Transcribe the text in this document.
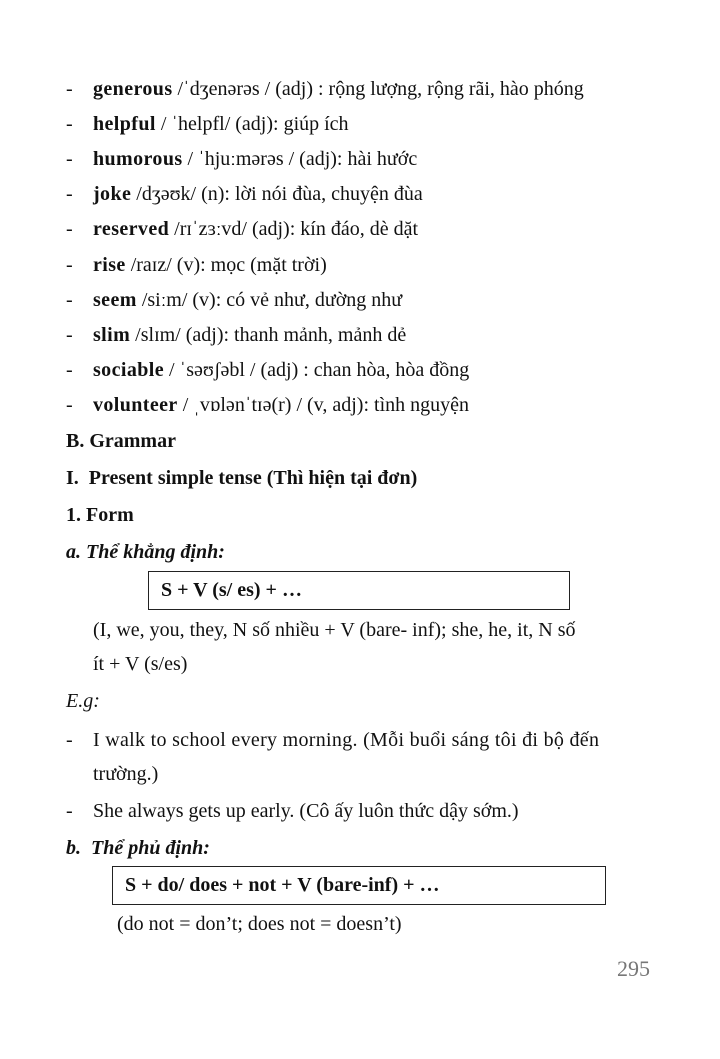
- generous /ˈdʒenərəs / (adj) : rộng lượng, rộng rãi, hào phóng
- helpful / ˈhelpfl/ (adj): giúp ích
- humorous / ˈhjuːmərəs / (adj): hài hước
- joke /dʒəʊk/ (n): lời nói đùa, chuyện đùa
- reserved /rɪˈzɜːvd/ (adj): kín đáo, dè dặt
- rise /raɪz/ (v): mọc (mặt trời)
- seem /siːm/ (v): có vẻ như, dường như
- slim /slɪm/ (adj): thanh mảnh, mảnh dẻ
- sociable / ˈsəʊʃəbl / (adj) : chan hòa, hòa đồng
- volunteer / ˌvɒlənˈtɪə(r) / (v, adj): tình nguyện
B. Grammar
I.  Present simple tense (Thì hiện tại đơn)
1. Form
a. Thể khẳng định:
S + V (s/ es) + …
(I, we, you, they, N số nhiều + V (bare- inf); she, he, it, N số
ít + V (s/es)
E.g:
- I walk to school every morning. (Mỗi buổi sáng tôi đi bộ đến
trường.)
- She always gets up early. (Cô ấy luôn thức dậy sớm.)
b.  Thể phủ định:
S + do/ does + not + V (bare-inf) + …
(do not = don’t; does not = doesn’t)
295
